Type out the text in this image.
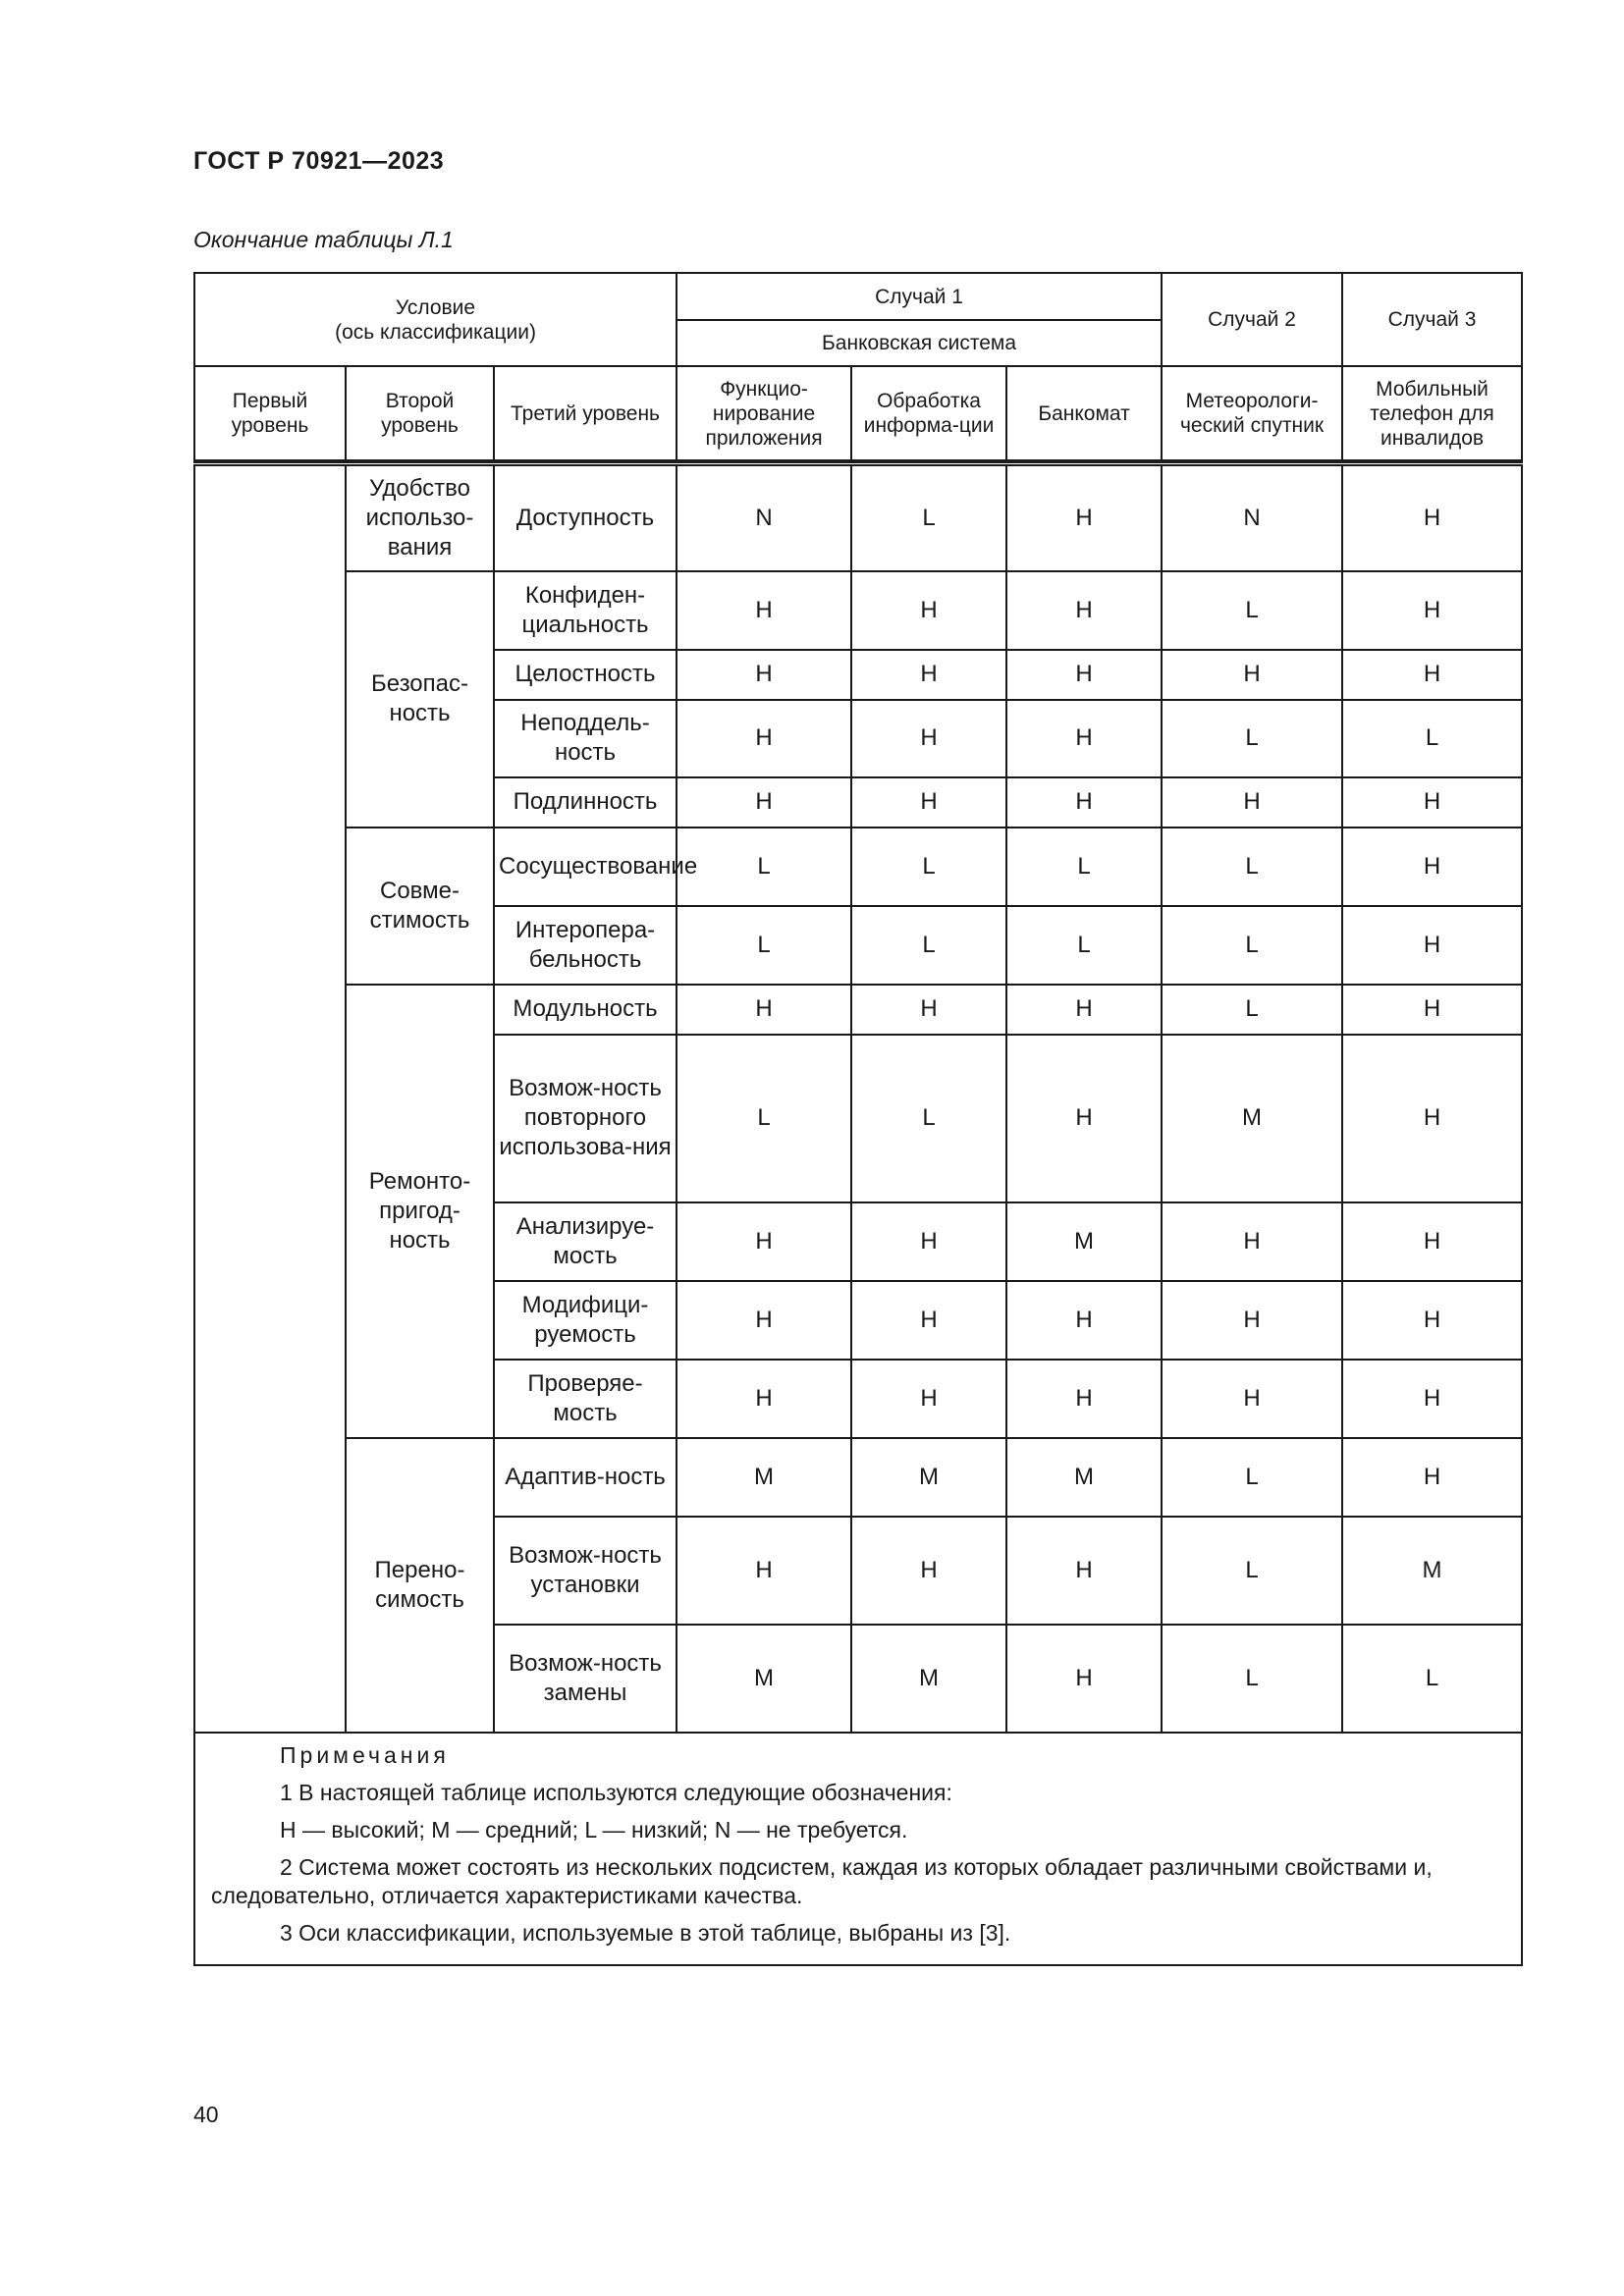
ГОСТ Р 70921—2023
Окончание таблицы Л.1
Условие
(ось классификации)			Случай 1			Случай 2	Случай 3
			Банковская система				
Первый уровень	Второй уровень	Третий уровень	Функцио-нирование приложения	Обработка информа-ции	Банкомат	Метеорологи-ческий спутник	Мобильный телефон для инвалидов

	Удобство использо-вания	Доступность	N	L	H	N	H
	Безопас-ность	Конфиден-циальность	H	H	H	L	H
		Целостность	H	H	H	H	H
		Неподдель-ность	H	H	H	L	L
		Подлинность	H	H	H	H	H
	Совме-стимость	Сосуществование	L	L	L	L	H
		Интеропера-бельность	L	L	L	L	H
	Ремонто-пригод-ность	Модульность	H	H	H	L	H
		Возмож-ность повторного использова-ния	L	L	H	M	H
		Анализируе-мость	H	H	M	H	H
		Модифици-руемость	H	H	H	H	H
		Проверяе-мость	H	H	H	H	H
	Перено-симость	Адаптив-ность	M	M	M	L	H
		Возмож-ность установки	H	H	H	L	M
		Возмож-ность замены	M	M	H	L	L

Примечания
1 В настоящей таблице используются следующие обозначения:
H — высокий; M — средний; L — низкий; N — не требуется.
2 Система может состоять из нескольких подсистем, каждая из которых обладает различными свойствами и, следовательно, отличается характеристиками качества.
3 Оси классификации, используемые в этой таблице, выбраны из [3].							
40
